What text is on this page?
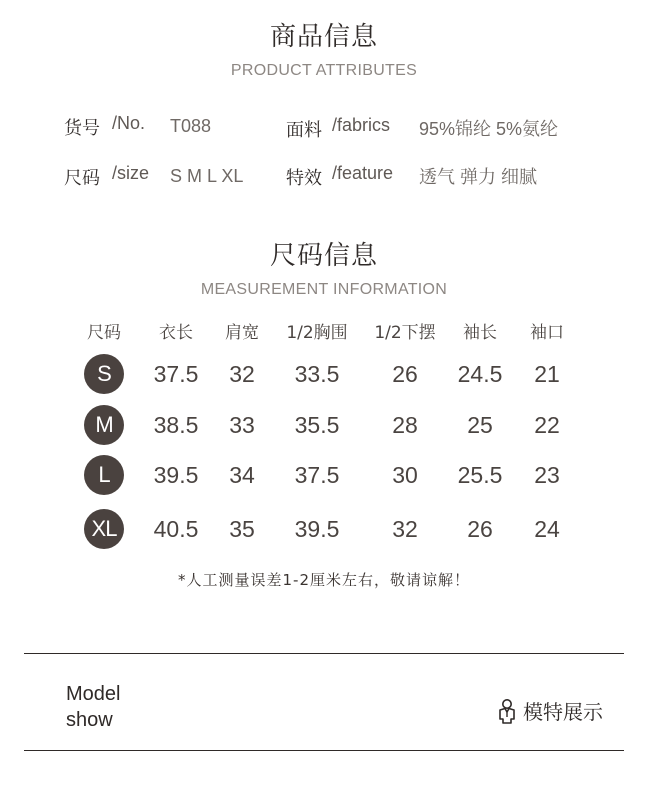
商品信息
PRODUCT ATTRIBUTES
货号 /No. T088	面料 /fabrics 95%锦纶 5%氨纶
尺码 /size S M L XL 特效 /feature 透气 弹力 细腻
尺码信息
MEASUREMENT INFORMATION
尺码	衣长	肩宽	1/2胸围	1/2下摆	袖长	袖口
S	37.5	32	33.5	26	24.5	21
M	38.5	33	35.5	28	25	22
L	39.5	34	37.5	30	25.5	23
XL	40.5	35	39.5	32	26	24
*人工测量误差1-2厘米左右，敬请谅解！
Model
show	模特展示
